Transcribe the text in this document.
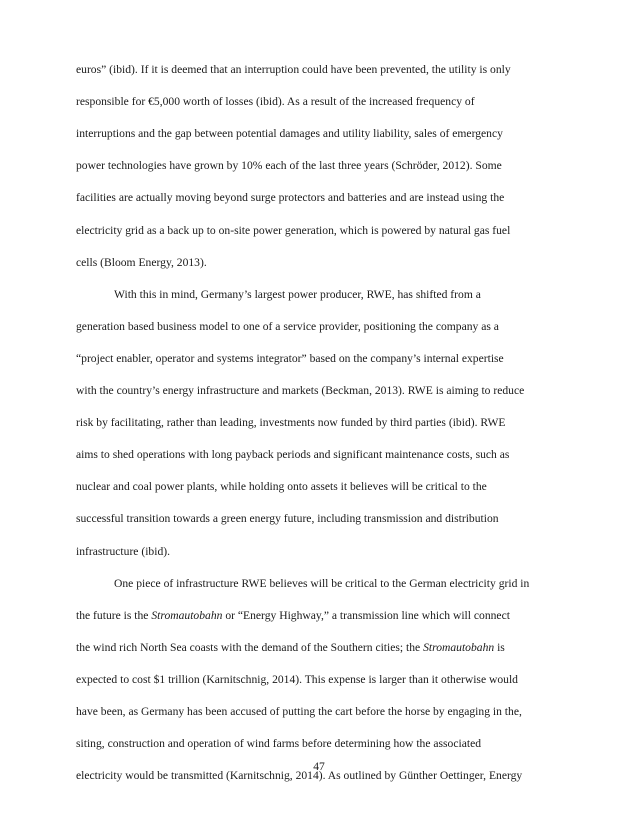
euros” (ibid). If it is deemed that an interruption could have been prevented, the utility is only
responsible for €5,000 worth of losses (ibid). As a result of the increased frequency of
interruptions and the gap between potential damages and utility liability, sales of emergency
power technologies have grown by 10% each of the last three years (Schröder, 2012). Some
facilities are actually moving beyond surge protectors and batteries and are instead using the
electricity grid as a back up to on-site power generation, which is powered by natural gas fuel
cells (Bloom Energy, 2013).
With this in mind, Germany’s largest power producer, RWE, has shifted from a
generation based business model to one of a service provider, positioning the company as a
“project enabler, operator and systems integrator” based on the company’s internal expertise
with the country’s energy infrastructure and markets (Beckman, 2013). RWE is aiming to reduce
risk by facilitating, rather than leading, investments now funded by third parties (ibid). RWE
aims to shed operations with long payback periods and significant maintenance costs, such as
nuclear and coal power plants, while holding onto assets it believes will be critical to the
successful transition towards a green energy future, including transmission and distribution
infrastructure (ibid).
One piece of infrastructure RWE believes will be critical to the German electricity grid in
the future is the Stromautobahn or “Energy Highway,” a transmission line which will connect
the wind rich North Sea coasts with the demand of the Southern cities; the Stromautobahn is
expected to cost $1 trillion (Karnitschnig, 2014). This expense is larger than it otherwise would
have been, as Germany has been accused of putting the cart before the horse by engaging in the,
siting, construction and operation of wind farms before determining how the associated
electricity would be transmitted (Karnitschnig, 2014). As outlined by Günther Oettinger, Energy
47
